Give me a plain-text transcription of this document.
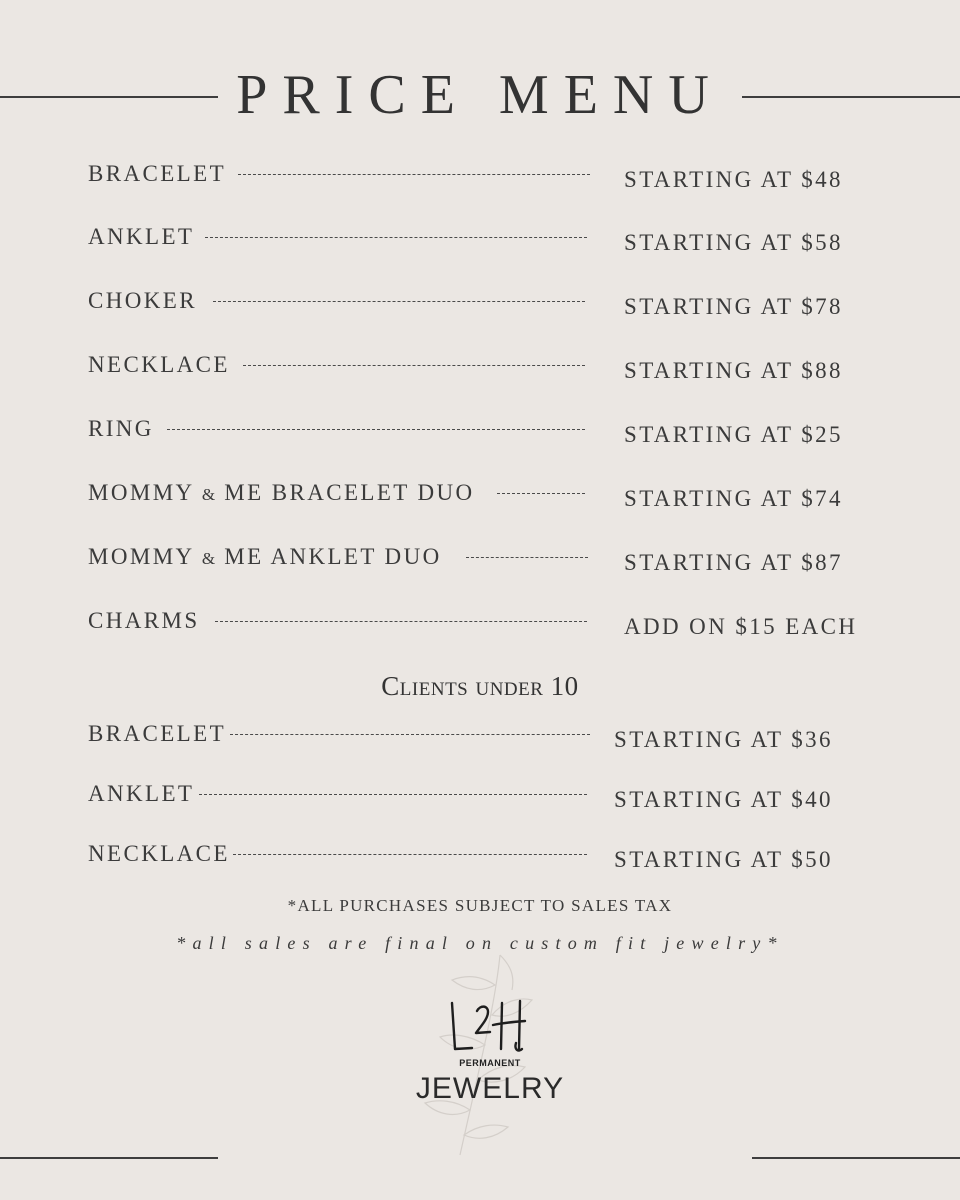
PRICE MENU
BRACELET	STARTING AT $48
ANKLET	STARTING AT $58
CHOKER	STARTING AT $78
NECKLACE	STARTING AT $88
RING	STARTING AT $25
MOMMY & ME BRACELET DUO	STARTING AT $74
MOMMY & ME ANKLET DUO	STARTING AT $87
CHARMS	ADD ON $15 EACH
Clients under 10
BRACELET	STARTING AT $36
ANKLET	STARTING AT $40
NECKLACE	STARTING AT $50
*ALL PURCHASES SUBJECT TO SALES TAX
*all sales are final on custom fit jewelry*
PERMANENT
JEWELRY
